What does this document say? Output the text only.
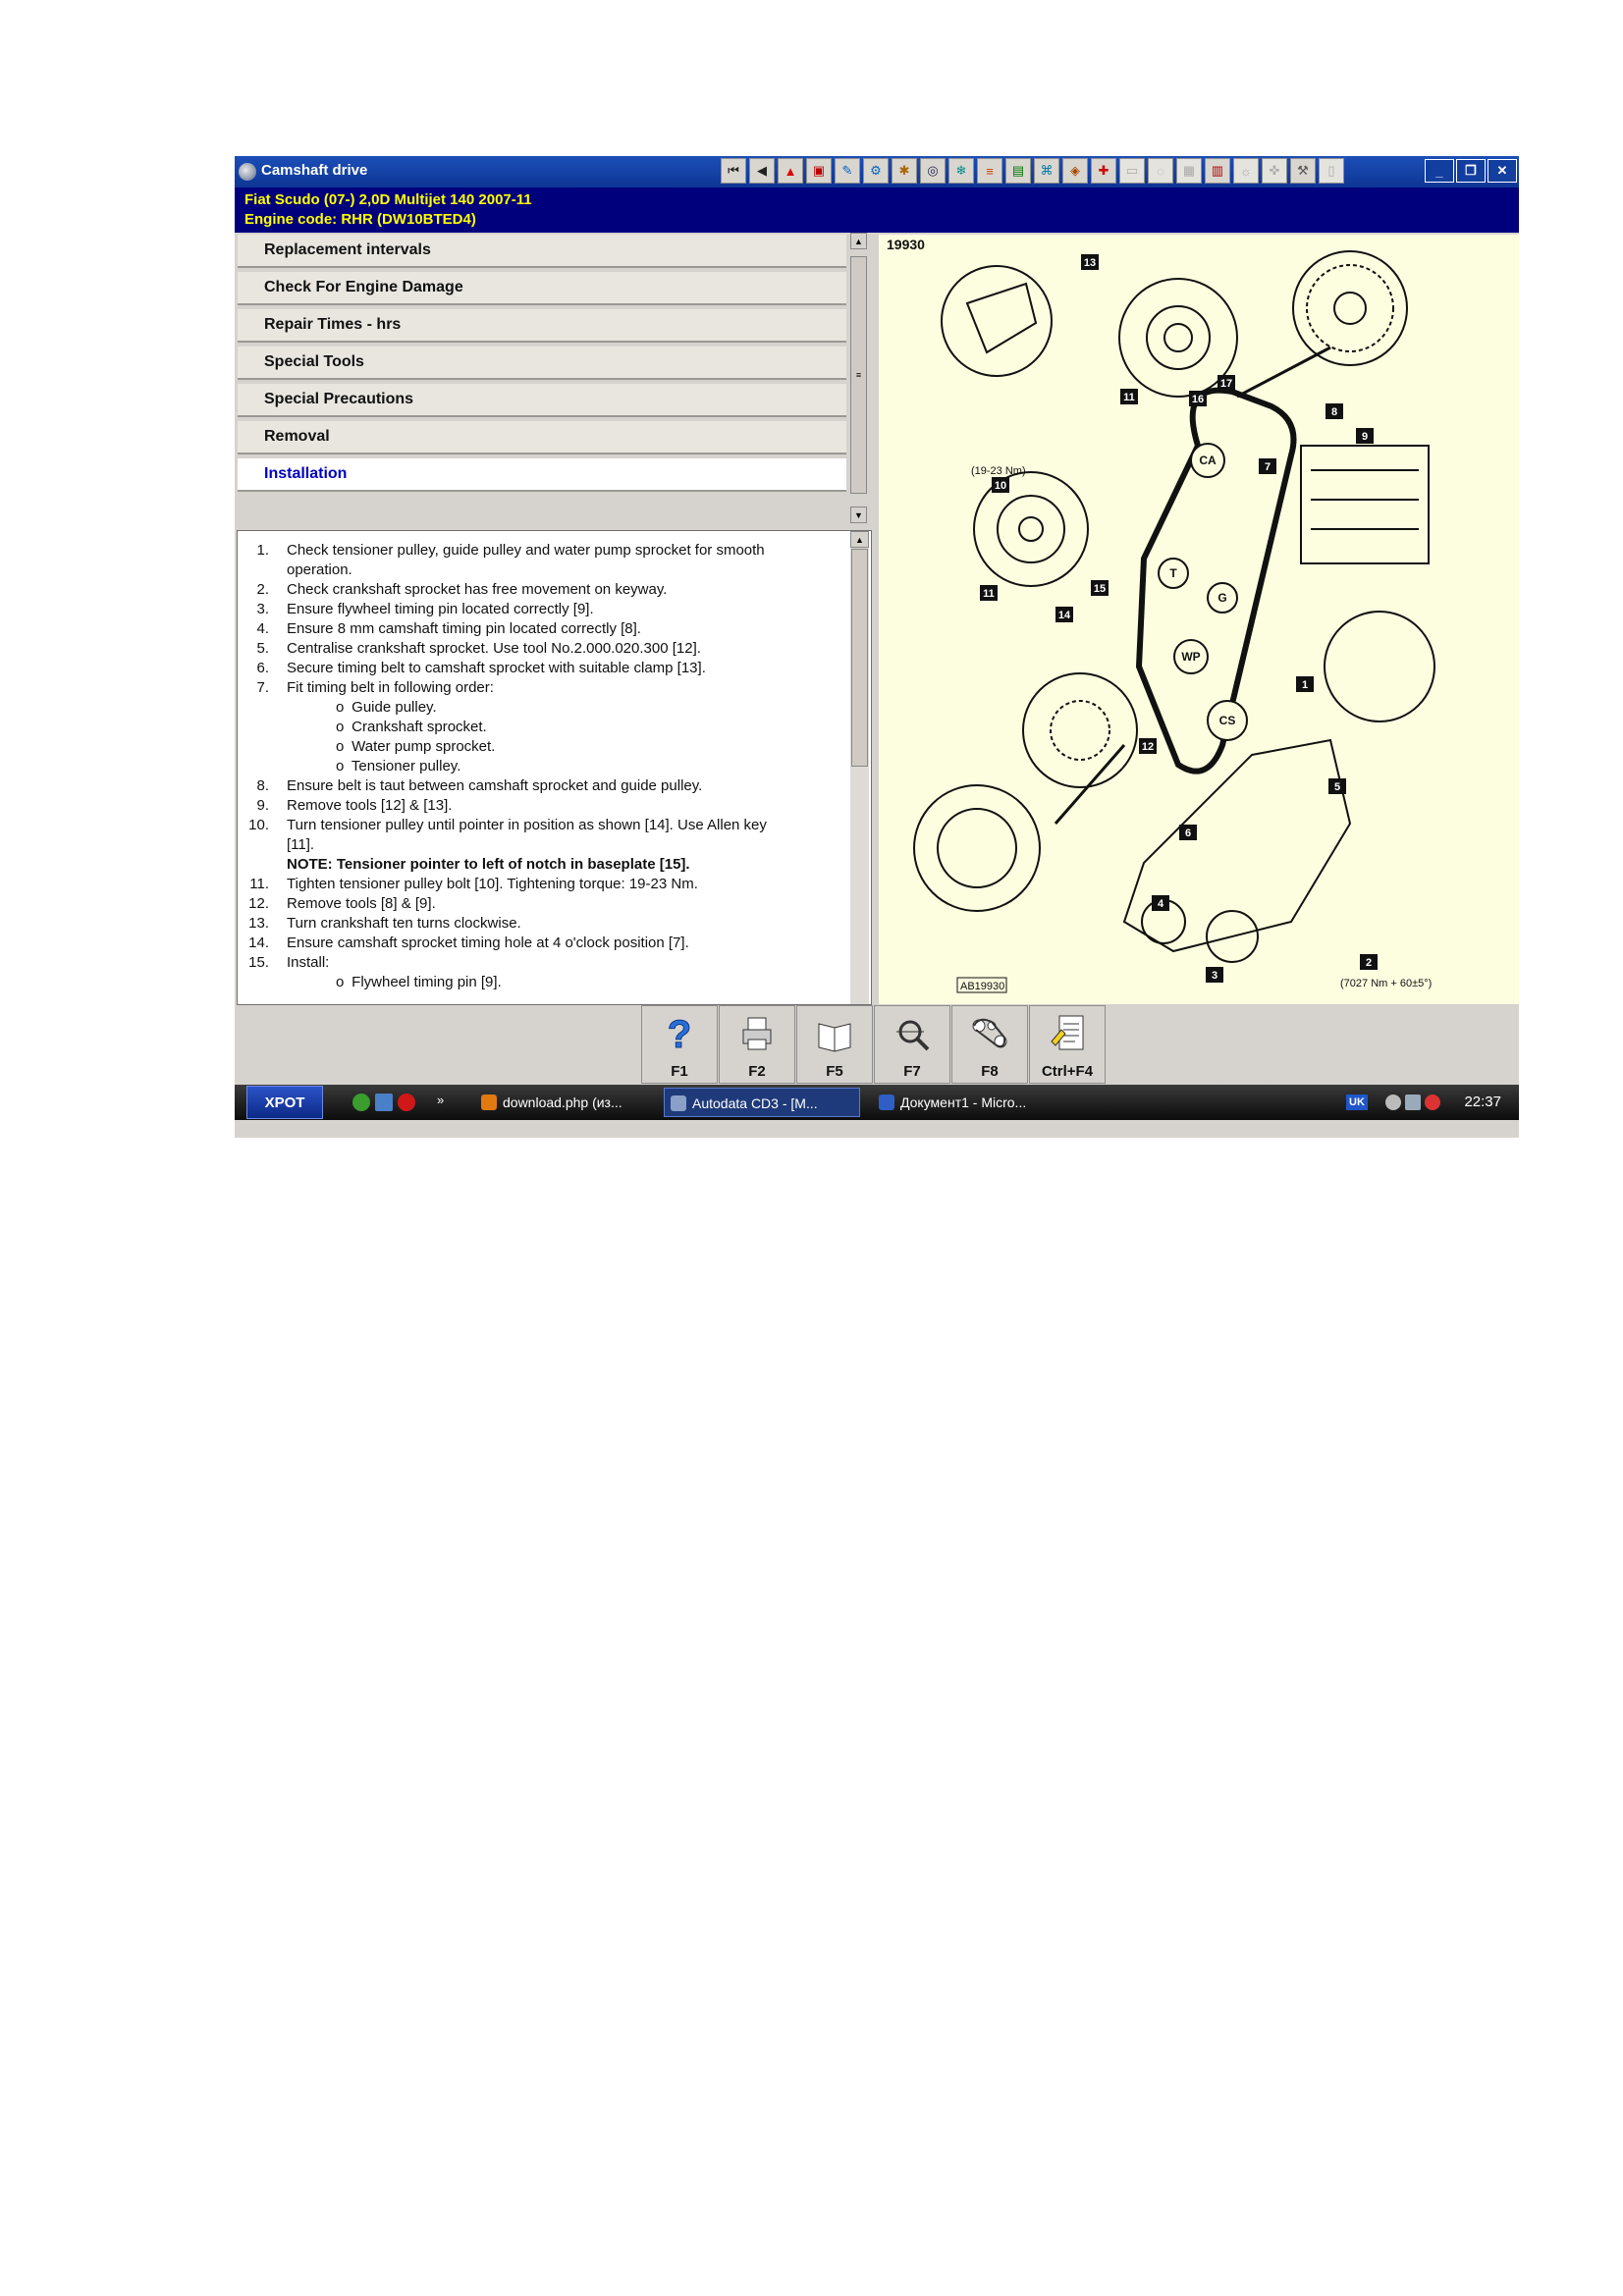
Camshaft drive	⏮	◀	▲	▣	✎	⚙	✱	◎	❄	≡	▤	⌘	◈	✚	▭	◌	▦	▥	☼	✜	⚒	▯	_	❐	✕
Fiat Scudo (07-) 2,0D Multijet 140 2007-11
Engine code: RHR (DW10BTED4)
Replacement intervals
Check For Engine Damage
Repair Times - hrs
Special Tools
Special Precautions
Removal
Installation
▲
≡
▼
1. Check tensioner pulley, guide pulley and water pump sprocket for smooth
operation.
2. Check crankshaft sprocket has free movement on keyway.
3. Ensure flywheel timing pin located correctly [9].
4. Ensure 8 mm camshaft timing pin located correctly [8].
5. Centralise crankshaft sprocket. Use tool No.2.000.020.300 [12].
6. Secure timing belt to camshaft sprocket with suitable clamp [13].
7. Fit timing belt in following order:
o Guide pulley.
o Crankshaft sprocket.
o Water pump sprocket.
o Tensioner pulley.
8. Ensure belt is taut between camshaft sprocket and guide pulley.
9. Remove tools [12] & [13].
10. Turn tensioner pulley until pointer in position as shown [14]. Use Allen key
[11].
NOTE: Tensioner pointer to left of notch in baseplate [15].
11. Tighten tensioner pulley bolt [10]. Tightening torque: 19-23 Nm.
12. Remove tools [8] & [9].
13. Turn crankshaft ten turns clockwise.
14. Ensure camshaft sprocket timing hole at 4 o'clock position [7].
15. Install:
o Flywheel timing pin [9].
▲
19930
CA
T
G
WP
CS
13
11	16
17
8
9
7
10
11	15
14
1
12
5
6
4
3
2
(19-23 Nm)
(7027 Nm + 60±5°)
AB19930
?
F1	F2	F5	F7	F8	Ctrl+F4
XPOT	»	download.php (из...	Autodata CD3 - [M...	Документ1 - Micro...	UK	22:37
